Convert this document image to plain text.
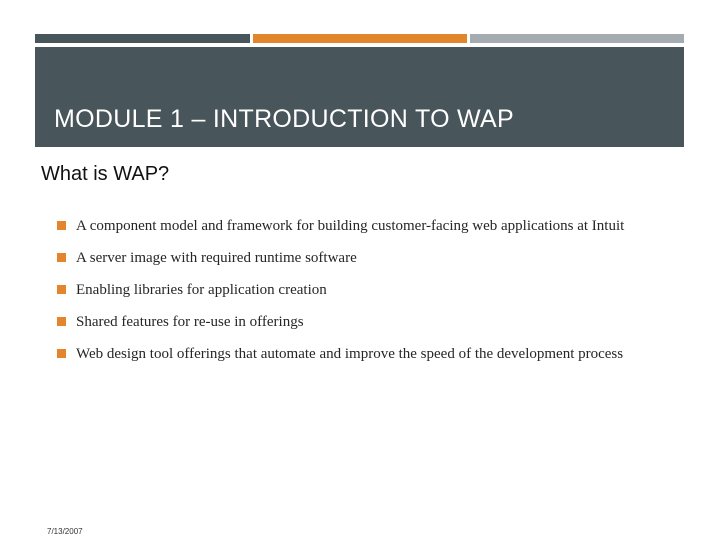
MODULE 1 – INTRODUCTION TO WAP
What is WAP?
A component model and framework for building customer-facing web applications at Intuit
A server image with required runtime software
Enabling libraries for application creation
Shared features for re-use in offerings
Web design tool offerings that automate and improve the speed of the development process
7/13/2007
